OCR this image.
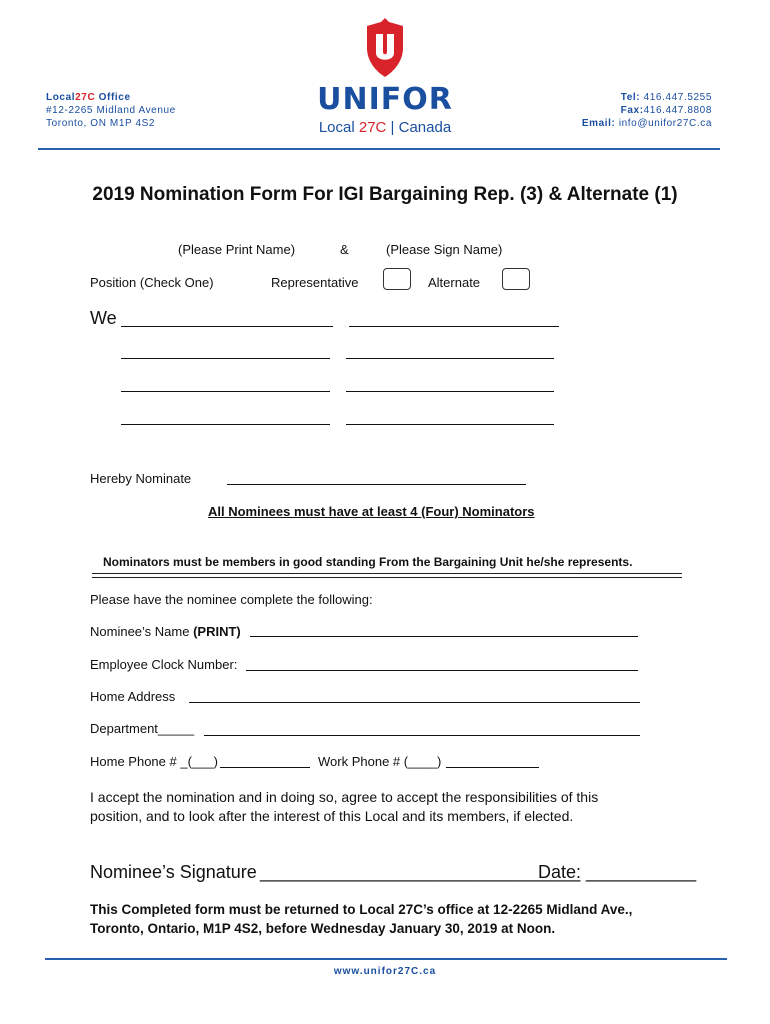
Local27C Office
#12-2265 Midland Avenue
Toronto, ON M1P 4S2
UNIFOR
Local 27C | Canada
Tel: 416.447.5255
Fax:416.447.8808
Email: info@unifor27C.ca
2019 Nomination Form For IGI Bargaining Rep. (3) & Alternate (1)
(Please Print Name)	&	(Please Sign Name)
Position (Check One)	Representative	Alternate
We
Hereby Nominate
All Nominees must have at least 4 (Four) Nominators
Nominators must be members in good standing From the Bargaining Unit he/she represents.
Please have the nominee complete the following:
Nominee’s Name (PRINT)
Employee Clock Number:
Home Address
Department_____
Home Phone # _(___)	Work Phone # (____)
I accept the nomination and in doing so, agree to accept the responsibilities of this
position, and to look after the interest of this Local and its members, if elected.
Nominee’s Signature ________________________________
Date: ___________
This Completed form must be returned to Local 27C’s office at 12-2265 Midland Ave.,
Toronto, Ontario, M1P 4S2, before Wednesday January 30, 2019 at Noon.
www.unifor27C.ca
